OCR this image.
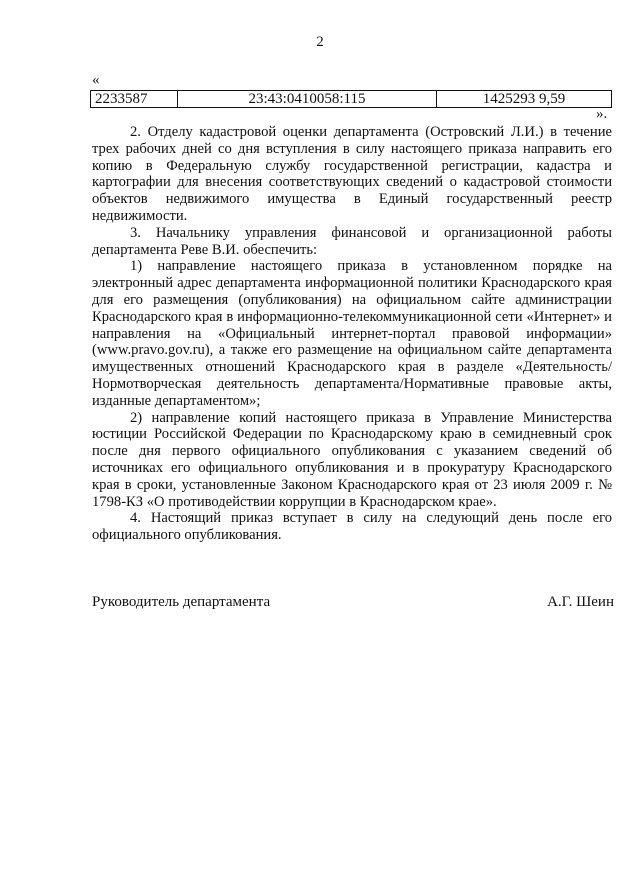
2
«
2233587	23:43:0410058:115	1425293 9,59
».

2. Отделу кадастровой оценки департамента (Островский Л.И.) в течение трех рабочих дней со дня вступления в силу настоящего приказа направить его копию в Федеральную службу государственной регистрации, кадастра и картографии для внесения соответствующих сведений о кадастровой стоимости объектов недвижимого имущества в Единый государственный реестр недвижимости.

3. Начальнику управления финансовой и организационной работы департамента Реве В.И. обеспечить:

1) направление настоящего приказа в установленном порядке на электронный адрес департамента информационной политики Краснодарского края для его размещения (опубликования) на официальном сайте администрации Краснодарского края в информационно-телекоммуникационной сети «Интернет» и направления на «Официальный интернет-портал правовой информации» (www.pravo.gov.ru), а также его размещение на официальном сайте департамента имущественных отношений Краснодарского края в разделе «Деятельность/Нормотворческая деятельность департамента/Нормативные правовые акты, изданные департаментом»;

2) направление копий настоящего приказа в Управление Министерства юстиции Российской Федерации по Краснодарскому краю в семидневный срок после дня первого официального опубликования с указанием сведений об источниках его официального опубликования и в прокуратуру Краснодарского края в сроки, установленные Законом Краснодарского края от 23 июля 2009 г. № 1798-КЗ «О противодействии коррупции в Краснодарском крае».

4. Настоящий приказ вступает в силу на следующий день после его официального опубликования.

Руководитель департамента	А.Г. Шеин
